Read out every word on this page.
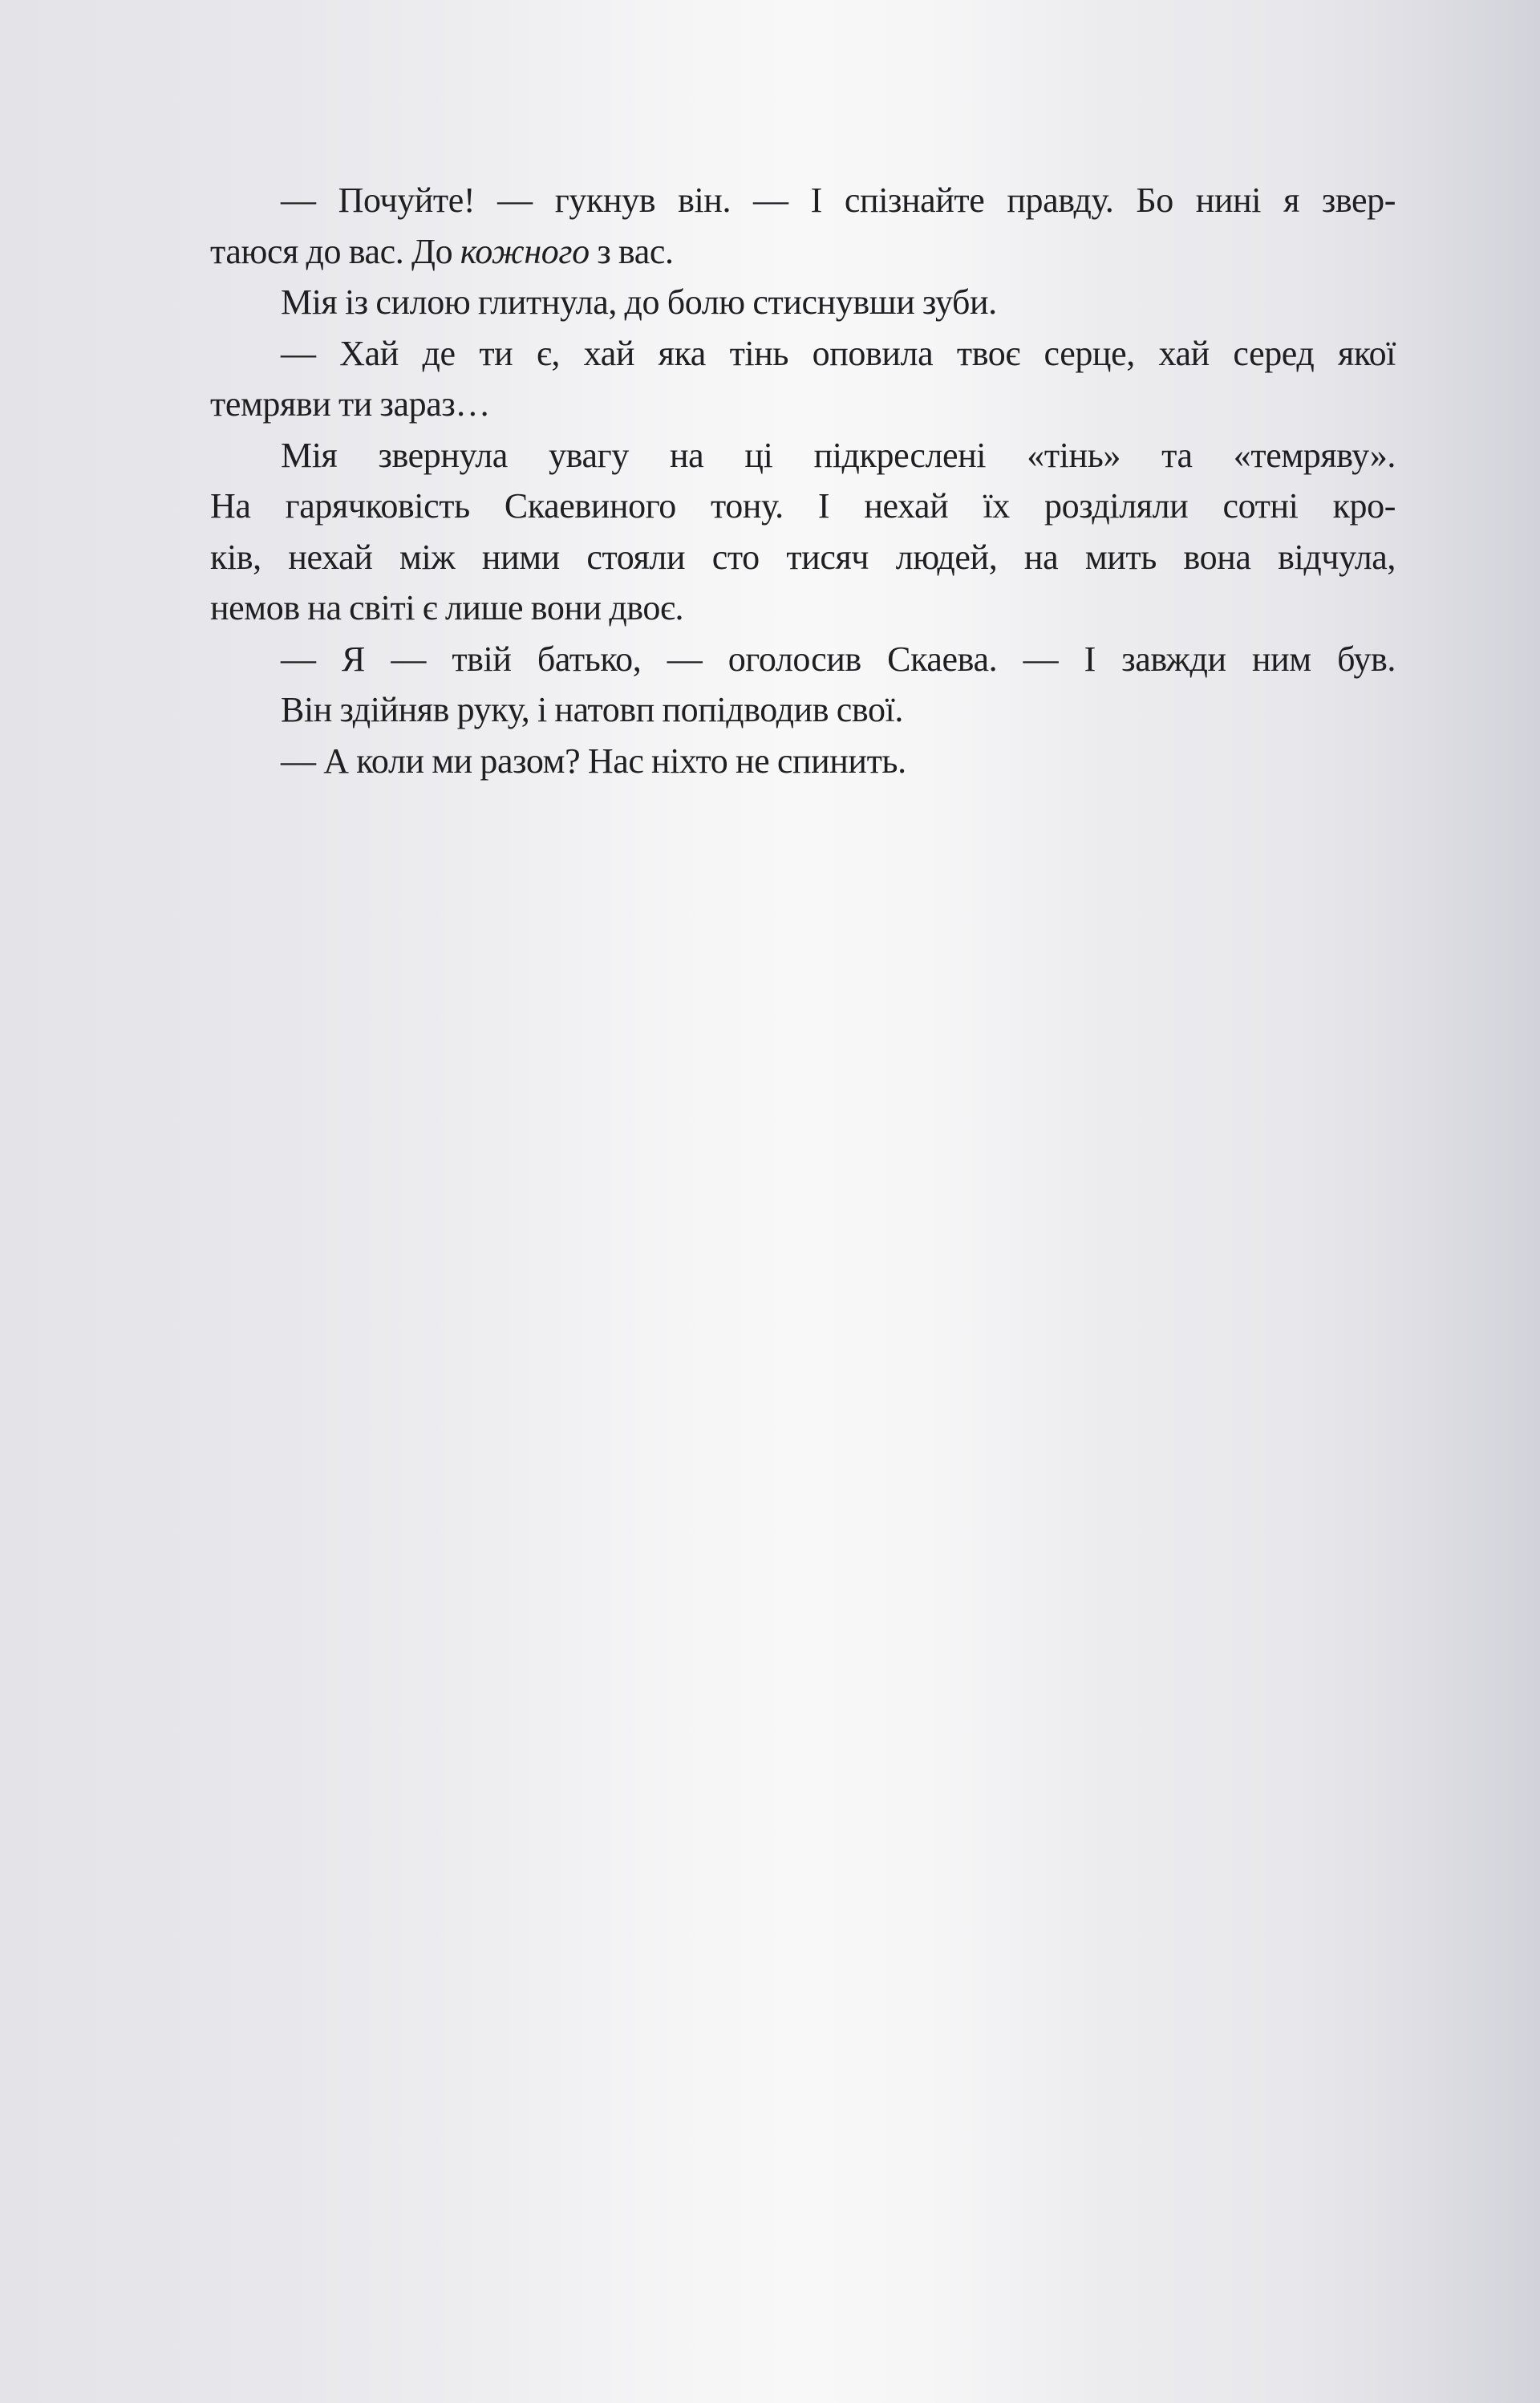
— Почуйте! — гукнув він. — І спізнайте правду. Бо нині я звер-
таюся до вас. До кожного з вас.
Мія із силою глитнула, до болю стиснувши зуби.
— Хай де ти є, хай яка тінь оповила твоє серце, хай серед якої
темряви ти зараз…
Мія звернула увагу на ці підкреслені «тінь» та «темряву».
На гарячковість Скаевиного тону. І нехай їх розділяли сотні кро-
ків, нехай між ними стояли сто тисяч людей, на мить вона відчула,
немов на світі є лише вони двоє.
— Я — твій батько, — оголосив Скаева. — І завжди ним був.
Він здійняв руку, і натовп попідводив свої.
— А коли ми разом? Нас ніхто не спинить.
